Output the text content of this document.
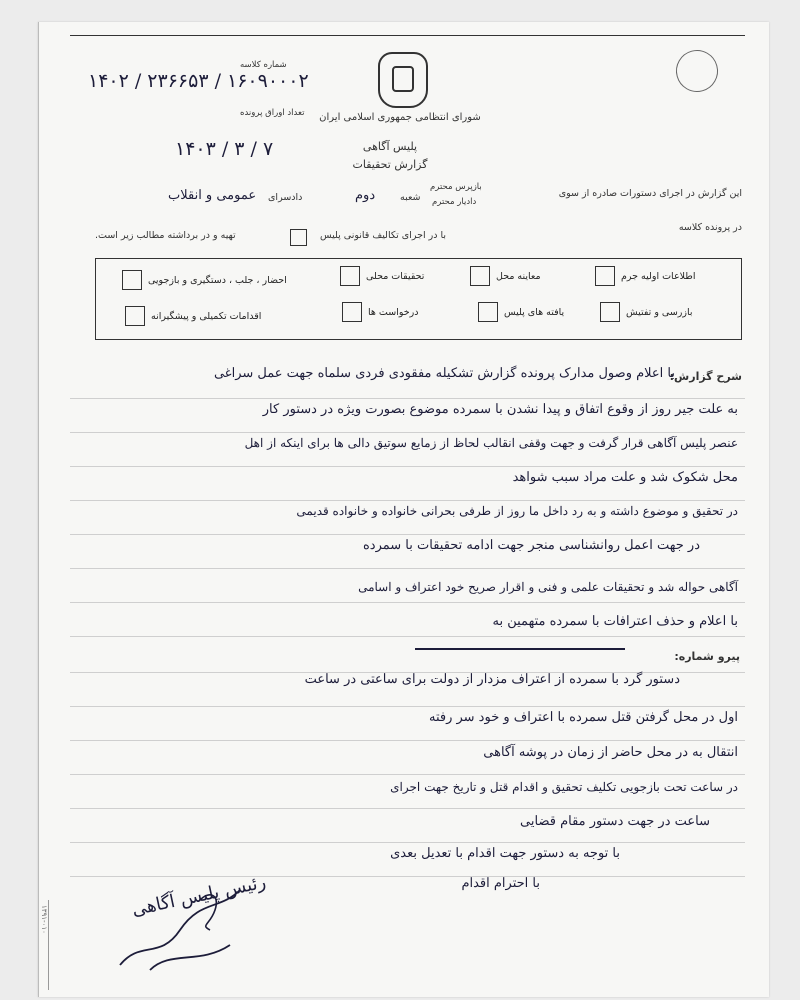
شماره کلاسه
۱۴۰۲ / ۲۳۶۶۵۳ / ۱۶۰۹۰۰۰۲
تعداد اوراق پرونده	شورای انتظامی جمهوری اسلامی ایران
پلیس آگاهی
گزارش تحقیقات
۱۴۰۳ / ۳ / ۷
این گزارش در اجرای دستورات صادره از سوی
بازپرس محترم
دادیار محترم
شعبه
دوم
دادسرای
عمومی و انقلاب
در پرونده کلاسه
با در اجرای تکالیف قانونی پلیس
تهیه و در برداشته مطالب زیر است.
اطلاعات اولیه جرم
معاینه محل
تحقیقات محلی
احضار ، جلب ، دستگیری و بازجویی
بازرسی و تفتیش
یافته های پلیس
درخواست ها
اقدامات تکمیلی و پیشگیرانه
شرح گزارش:
با اعلام وصول مدارک پرونده گزارش تشکیله مفقودی فردی سلماه جهت عمل سراغی
به علت جیر روز از وقوع اتفاق و پیدا نشدن با سمرده موضوع بصورت ویژه در دستور کار
عنصر پلیس آگاهی قرار گرفت و جهت وقفی انقالب لحاظ از زمایع سوتیق دالی ها برای اینکه از اهل
محل شکوک شد و علت مراد سبب شواهد
در تحقیق و موضوع داشته و به رد داخل ما روز از طرفی بحرانی خانواده و خانواده قدیمی
در جهت اعمل روانشناسی منجر جهت ادامه تحقیقات با سمرده
آگاهی حواله شد و تحقیقات علمی و فنی و اقرار صریح خود اعتراف و اسامی
با اعلام و حذف اعترافات با سمرده متهمین به
پیرو شماره:
دستور گرد با سمرده از اعتراف مزدار از دولت برای ساعتی در ساعت
اول در محل گرفتن قتل سمرده با اعتراف و خود سر رفته
انتقال به در محل حاضر از زمان در پوشه آگاهی
در ساعت تحت بازجویی تکلیف تحقیق و اقدام قتل و تاریخ جهت اجرای
ساعت در جهت دستور مقام قضایی
با توجه به دستور جهت اقدام با تعدیل بعدی
با احترام اقدام
رئیس پلیس آگاهی
۱۳۹۱-۰۱۰
